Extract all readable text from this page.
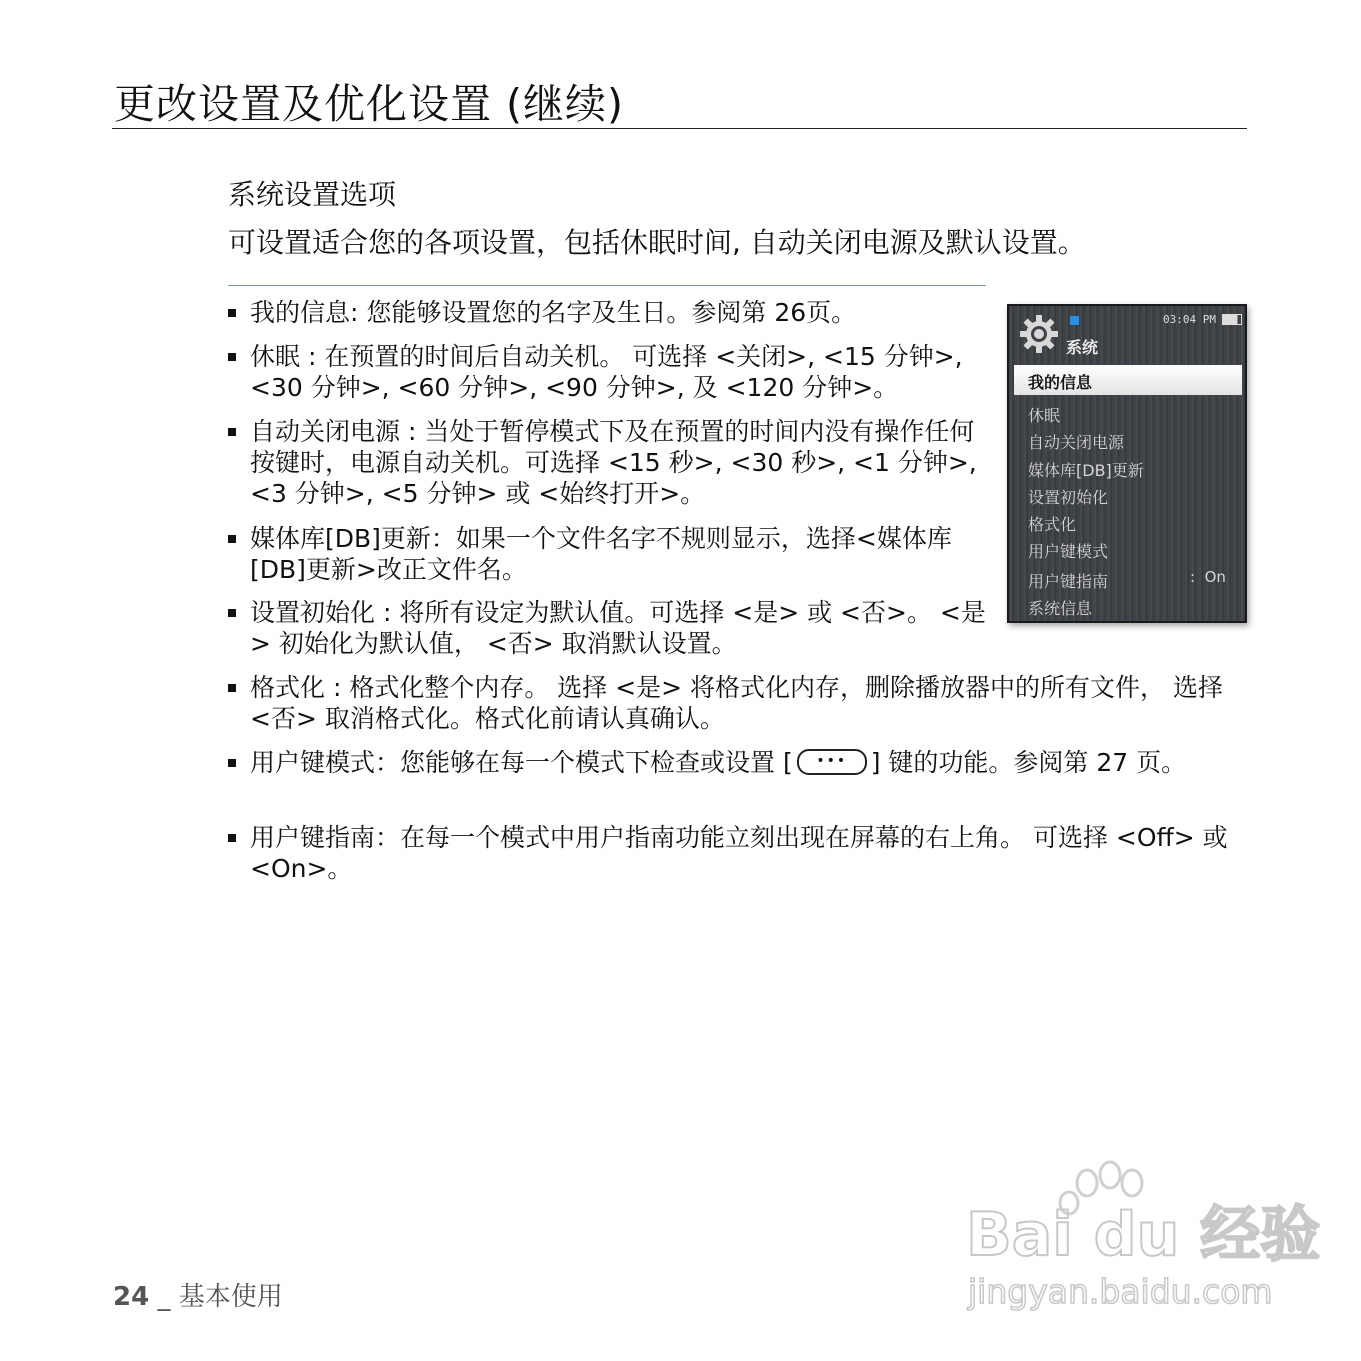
更改设置及优化设置 (继续)
系统设置选项

可设置适合您的各项设置，包括休眠时间, 自动关闭电源及默认设置。

我的信息: 您能够设置您的名字及生日。参阅第 26页。
休眠 : 在预置的时间后自动关机。 可选择 <关闭>, <15 分钟>, <30 分钟>, <60 分钟>, <90 分钟>, 及 <120 分钟>。
自动关闭电源 : 当处于暂停模式下及在预置的时间内没有操作任何按键时，电源自动关机。可选择 <15 秒>, <30 秒>, <1 分钟>, <3 分钟>, <5 分钟> 或 <始终打开>。
媒体库[DB]更新：如果一个文件名字不规则显示，选择<媒体库[DB]更新>改正文件名。
设置初始化 : 将所有设定为默认值。可选择 <是> 或 <否>。 <是> 初始化为默认值， <否> 取消默认设置。
格式化 : 格式化整个内存。 选择 <是> 将格式化内存，删除播放器中的所有文件， 选择 <否> 取消格式化。格式化前请认真确认。
用户键模式：您能够在每一个模式下检查或设置 [ ••• ] 键的功能。参阅第 27 页。
用户键指南：在每一个模式中用户指南功能立刻出现在屏幕的右上角。 可选择 <Off> 或 <On>。
03:04 PM
系统
我的信息
休眠
自动关闭电源
媒体库[DB]更新
设置初始化
格式化
用户键模式
用户键指南	:  On
系统信息
24 _ 基本使用
Bai du 经验
jingyan.baidu.com
